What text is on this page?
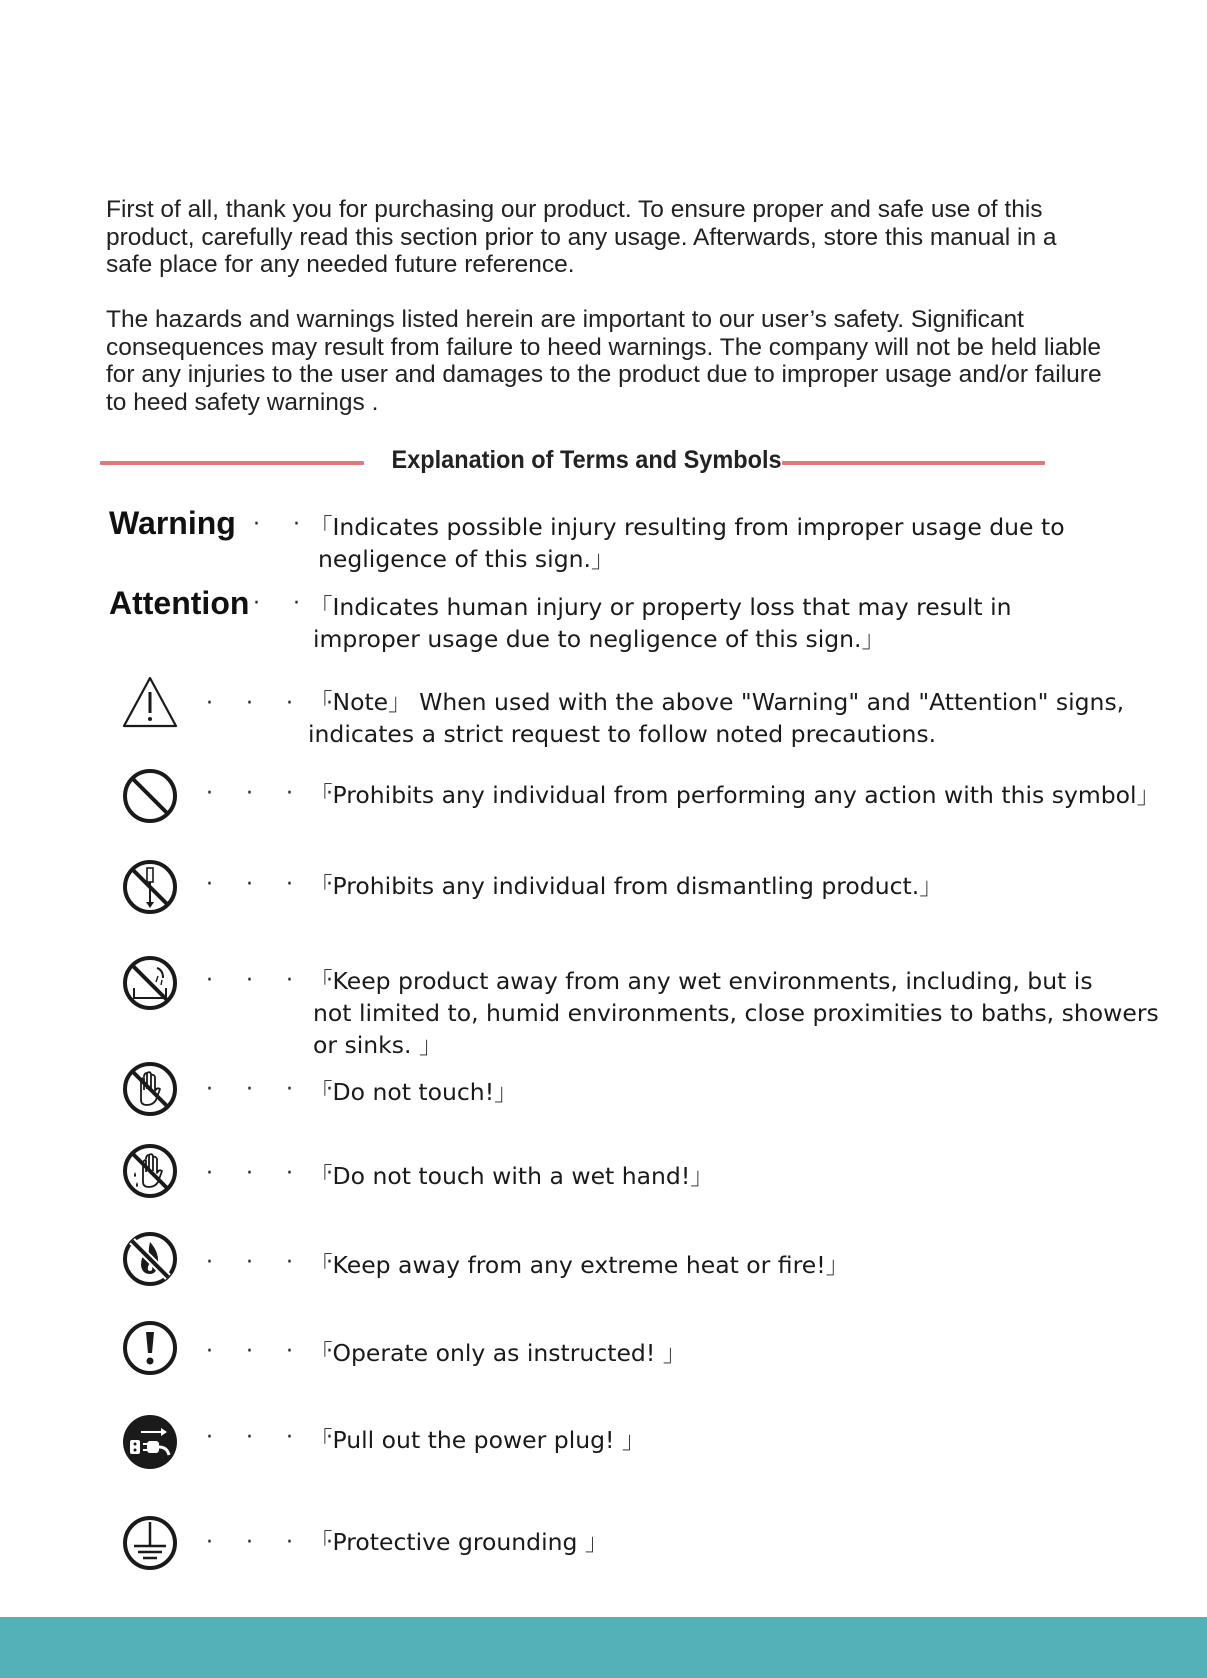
First of all, thank you for purchasing our product. To ensure proper and safe use of this product, carefully read this section prior to any usage. Afterwards, store this manual in a safe place for any needed future reference.

The hazards and warnings listed herein are important to our user’s safety. Significant consequences may result from failure to heed warnings. The company will not be held liable for any injuries to the user and damages to the product due to improper usage and/or failure to heed safety warnings .

Explanation of Terms and Symbols
Warning · ·
「Indicates possible injury resulting from improper usage due to
negligence of this sign.」
Attention · ·
「Indicates human injury or property loss that may result in
improper usage due to negligence of this sign.」
· · · ·
「Note」 When used with the above "Warning" and "Attention" signs,
indicates a strict request to follow noted precautions.
· · · ·
「Prohibits any individual from performing any action with this symbol」
· · · ·
「Prohibits any individual from dismantling product.」
· · · ·
「Keep product away from any wet environments, including, but is
not limited to, humid environments, close proximities to baths, showers
or sinks. 」
· · · ·
「Do not touch!」
· · · ·
「Do not touch with a wet hand!」
· · · ·
「Keep away from any extreme heat or fire!」
· · · ·
「Operate only as instructed! 」
· · · ·
「Pull out the power plug! 」
· · · ·
「Protective grounding 」
